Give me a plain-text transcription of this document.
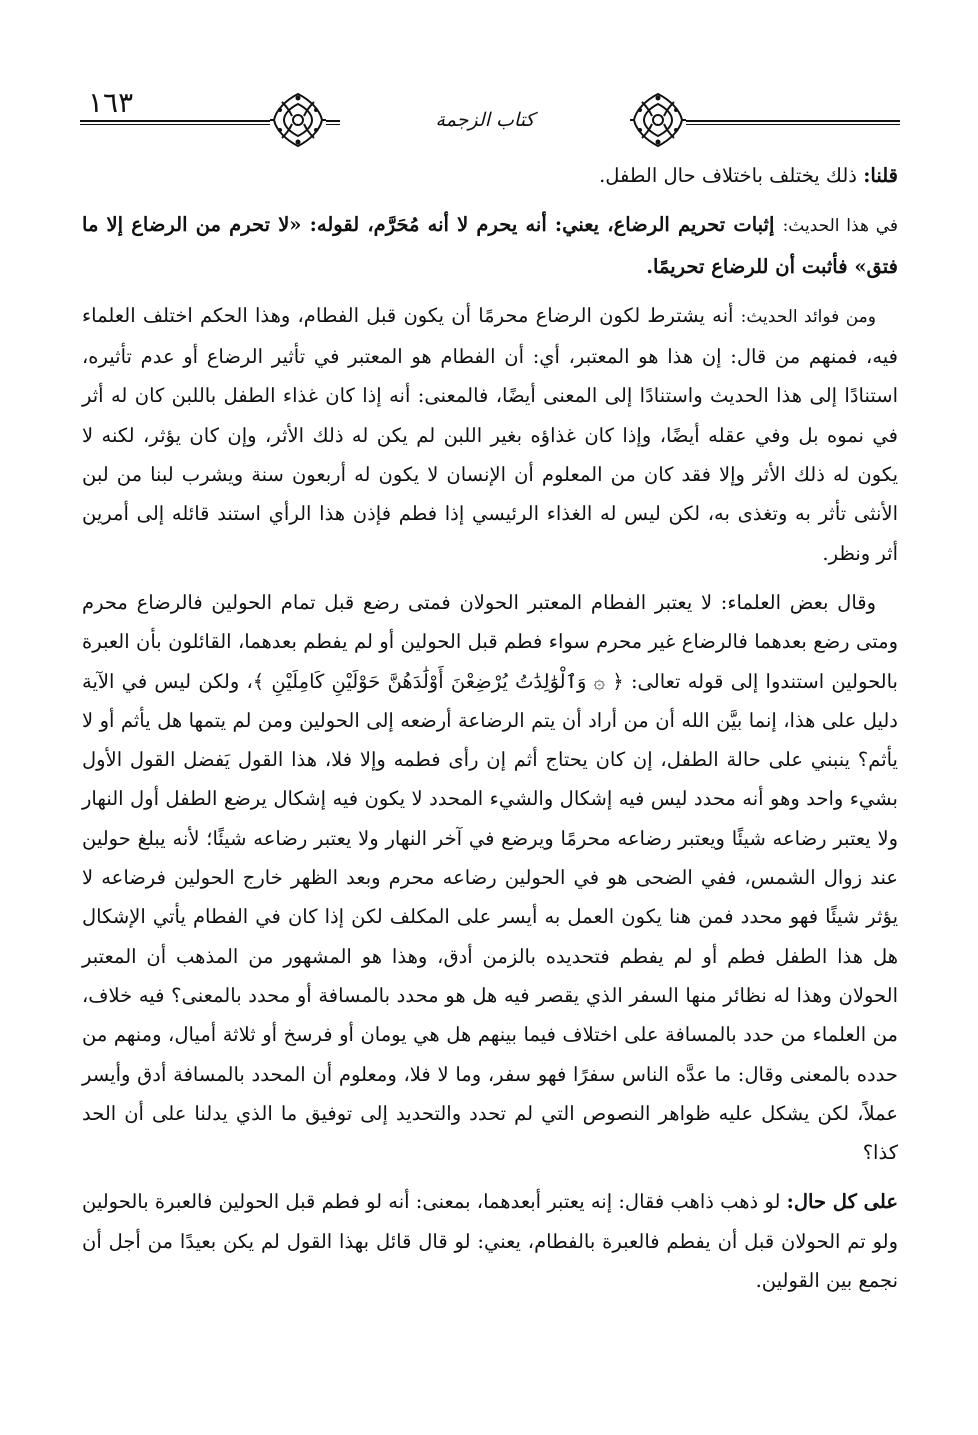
١٦٣
كتاب الزجمة

قلنا: ذلك يختلف باختلاف حال الطفل.

في هذا الحديث: إثبات تحريم الرضاع، يعني: أنه يحرم لا أنه مُحَرَّم، لقوله: «لا تحرم من الرضاع إلا ما فتق» فأثبت أن للرضاع تحريمًا.

ومن فوائد الحديث: أنه يشترط لكون الرضاع محرمًا أن يكون قبل الفطام، وهذا الحكم اختلف العلماء فيه، فمنهم من قال: إن هذا هو المعتبر، أي: أن الفطام هو المعتبر في تأثير الرضاع أو عدم تأثيره، استنادًا إلى هذا الحديث واستنادًا إلى المعنى أيضًا، فالمعنى: أنه إذا كان غذاء الطفل باللبن كان له أثر في نموه بل وفي عقله أيضًا، وإذا كان غذاؤه بغير اللبن لم يكن له ذلك الأثر، وإن كان يؤثر، لكنه لا يكون له ذلك الأثر وإلا فقد كان من المعلوم أن الإنسان لا يكون له أربعون سنة ويشرب لبنا من لبن الأنثى تأثر به وتغذى به، لكن ليس له الغذاء الرئيسي إذا فطم فإذن هذا الرأي استند قائله إلى أمرين أثر ونظر.

وقال بعض العلماء: لا يعتبر الفطام المعتبر الحولان فمتى رضع قبل تمام الحولين فالرضاع محرم ومتى رضع بعدهما فالرضاع غير محرم سواء فطم قبل الحولين أو لم يفطم بعدهما، القائلون بأن العبرة بالحولين استندوا إلى قوله تعالى: ﴿ ۞ وَٱلْوَٰلِدَٰتُ يُرْضِعْنَ أَوْلَٰدَهُنَّ حَوْلَيْنِ كَامِلَيْنِ ﴾، ولكن ليس في الآية دليل على هذا، إنما بيَّن الله أن من أراد أن يتم الرضاعة أرضعه إلى الحولين ومن لم يتمها هل يأثم أو لا يأثم؟ ينبني على حالة الطفل، إن كان يحتاج أثم إن رأى فطمه وإلا فلا، هذا القول يَفضل القول الأول بشيء واحد وهو أنه محدد ليس فيه إشكال والشيء المحدد لا يكون فيه إشكال يرضع الطفل أول النهار ولا يعتبر رضاعه شيئًا ويعتبر رضاعه محرمًا ويرضع في آخر النهار ولا يعتبر رضاعه شيئًا؛ لأنه يبلغ حولين عند زوال الشمس، ففي الضحى هو في الحولين رضاعه محرم وبعد الظهر خارج الحولين فرضاعه لا يؤثر شيئًا فهو محدد فمن هنا يكون العمل به أيسر على المكلف لكن إذا كان في الفطام يأتي الإشكال هل هذا الطفل فطم أو لم يفطم فتحديده بالزمن أدق، وهذا هو المشهور من المذهب أن المعتبر الحولان وهذا له نظائر منها السفر الذي يقصر فيه هل هو محدد بالمسافة أو محدد بالمعنى؟ فيه خلاف، من العلماء من حدد بالمسافة على اختلاف فيما بينهم هل هي يومان أو فرسخ أو ثلاثة أميال، ومنهم من حدده بالمعنى وقال: ما عدَّه الناس سفرًا فهو سفر، وما لا فلا، ومعلوم أن المحدد بالمسافة أدق وأيسر عملاً، لكن يشكل عليه ظواهر النصوص التي لم تحدد والتحديد إلى توفيق ما الذي يدلنا على أن الحد كذا؟

على كل حال: لو ذهب ذاهب فقال: إنه يعتبر أبعدهما، بمعنى: أنه لو فطم قبل الحولين فالعبرة بالحولين ولو تم الحولان قبل أن يفطم فالعبرة بالفطام، يعني: لو قال قائل بهذا القول لم يكن بعيدًا من أجل أن نجمع بين القولين.
